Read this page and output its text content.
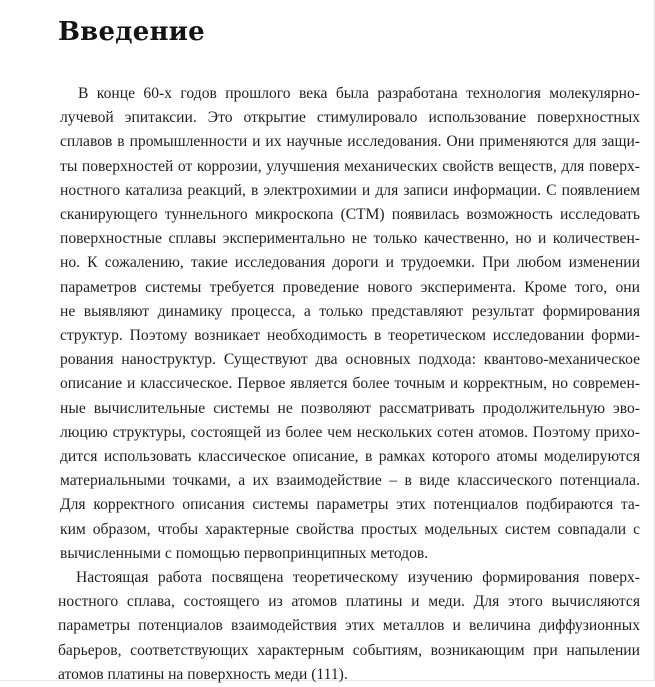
Введение

В конце 60-х годов прошлого века была разработана технология молекулярно-
лучевой эпитаксии. Это открытие стимулировало использование поверхностных
сплавов в промышленности и их научные исследования. Они применяются для защи-
ты поверхностей от коррозии, улучшения механических свойств веществ, для поверх-
ностного катализа реакций, в электрохимии и для записи информации. С появлением
сканирующего туннельного микроскопа (СТМ) появилась возможность исследовать
поверхностные сплавы экспериментально не только качественно, но и количествен-
но. К сожалению, такие исследования дороги и трудоемки. При любом изменении
параметров системы требуется проведение нового эксперимента. Кроме того, они
не выявляют динамику процесса, а только представляют результат формирования
структур. Поэтому возникает необходимость в теоретическом исследовании форми-
рования наноструктур. Существуют два основных подхода: квантово-механическое
описание и классическое. Первое является более точным и корректным, но современ-
ные вычислительные системы не позволяют рассматривать продолжительную эво-
люцию структуры, состоящей из более чем нескольких сотен атомов. Поэтому прихо-
дится использовать классическое описание, в рамках которого атомы моделируются
материальными точками, а их взаимодействие – в виде классического потенциала.
Для корректного описания системы параметры этих потенциалов подбираются та-
ким образом, чтобы характерные свойства простых модельных систем совпадали с
вычисленными с помощью первопринципных методов.

Настоящая работа посвящена теоретическому изучению формирования поверх-
ностного сплава, состоящего из атомов платины и меди. Для этого вычисляются
параметры потенциалов взаимодействия этих металлов и величина диффузионных
барьеров, соответствующих характерным событиям, возникающим при напылении
атомов платины на поверхность меди (111).
